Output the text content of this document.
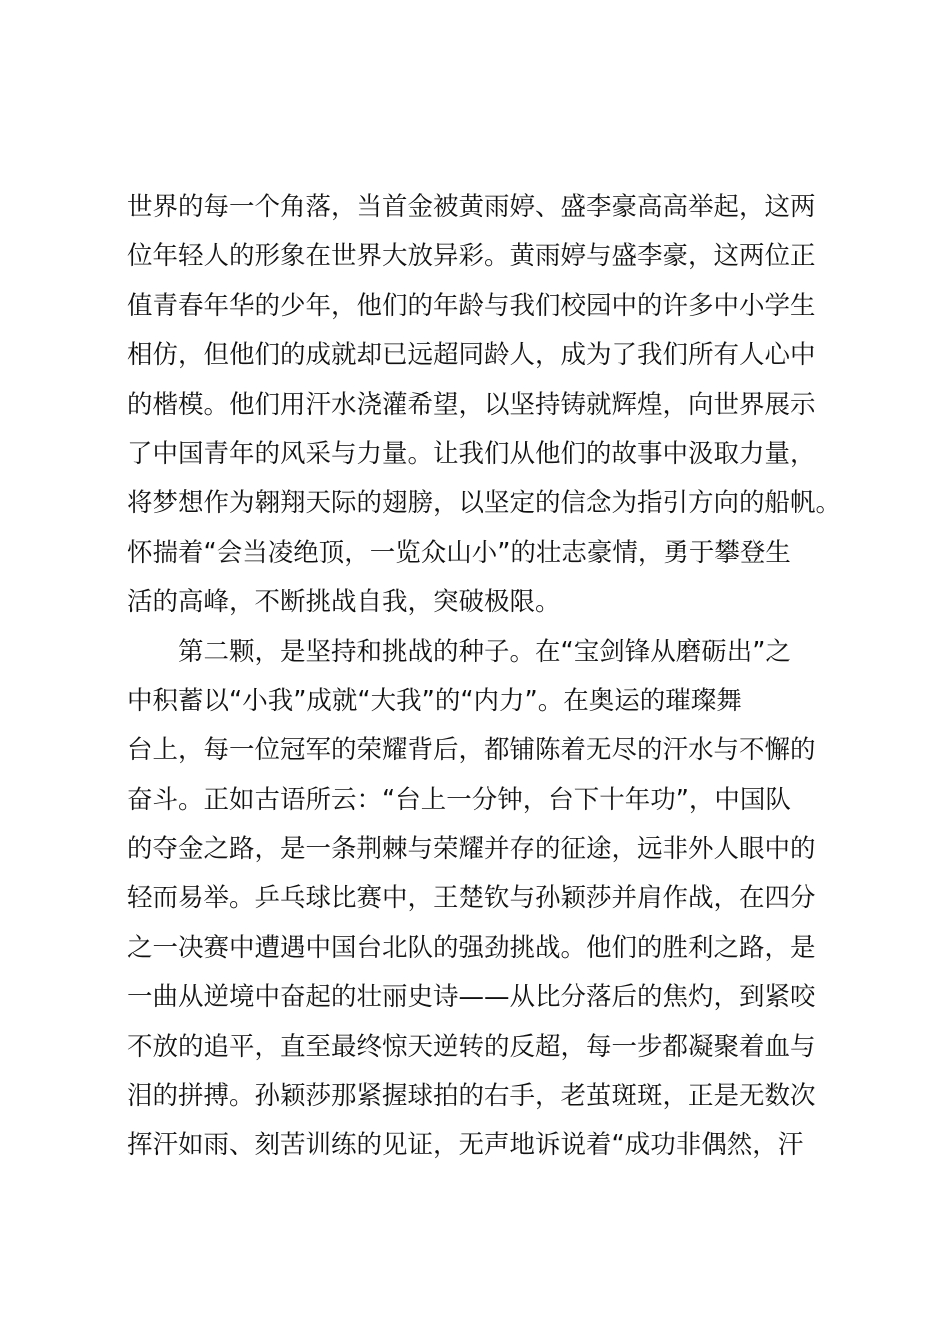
世界的每一个角落，当首金被黄雨婷、盛李豪高高举起，这两
位年轻人的形象在世界大放异彩。黄雨婷与盛李豪，这两位正
值青春年华的少年，他们的年龄与我们校园中的许多中小学生
相仿，但他们的成就却已远超同龄人，成为了我们所有人心中
的楷模。他们用汗水浇灌希望，以坚持铸就辉煌，向世界展示
了中国青年的风采与力量。让我们从他们的故事中汲取力量，
将梦想作为翱翔天际的翅膀，以坚定的信念为指引方向的船帆。
怀揣着“会当凌绝顶，一览众山小”的壮志豪情，勇于攀登生
活的高峰，不断挑战自我，突破极限。
　　第二颗，是坚持和挑战的种子。在“宝剑锋从磨砺出”之
中积蓄以“小我”成就“大我”的“内力”。在奥运的璀璨舞
台上，每一位冠军的荣耀背后，都铺陈着无尽的汗水与不懈的
奋斗。正如古语所云：“台上一分钟，台下十年功”，中国队
的夺金之路，是一条荆棘与荣耀并存的征途，远非外人眼中的
轻而易举。乒乓球比赛中，王楚钦与孙颖莎并肩作战，在四分
之一决赛中遭遇中国台北队的强劲挑战。他们的胜利之路，是
一曲从逆境中奋起的壮丽史诗——从比分落后的焦灼，到紧咬
不放的追平，直至最终惊天逆转的反超，每一步都凝聚着血与
泪的拼搏。孙颖莎那紧握球拍的右手，老茧斑斑，正是无数次
挥汗如雨、刻苦训练的见证，无声地诉说着“成功非偶然，汗
